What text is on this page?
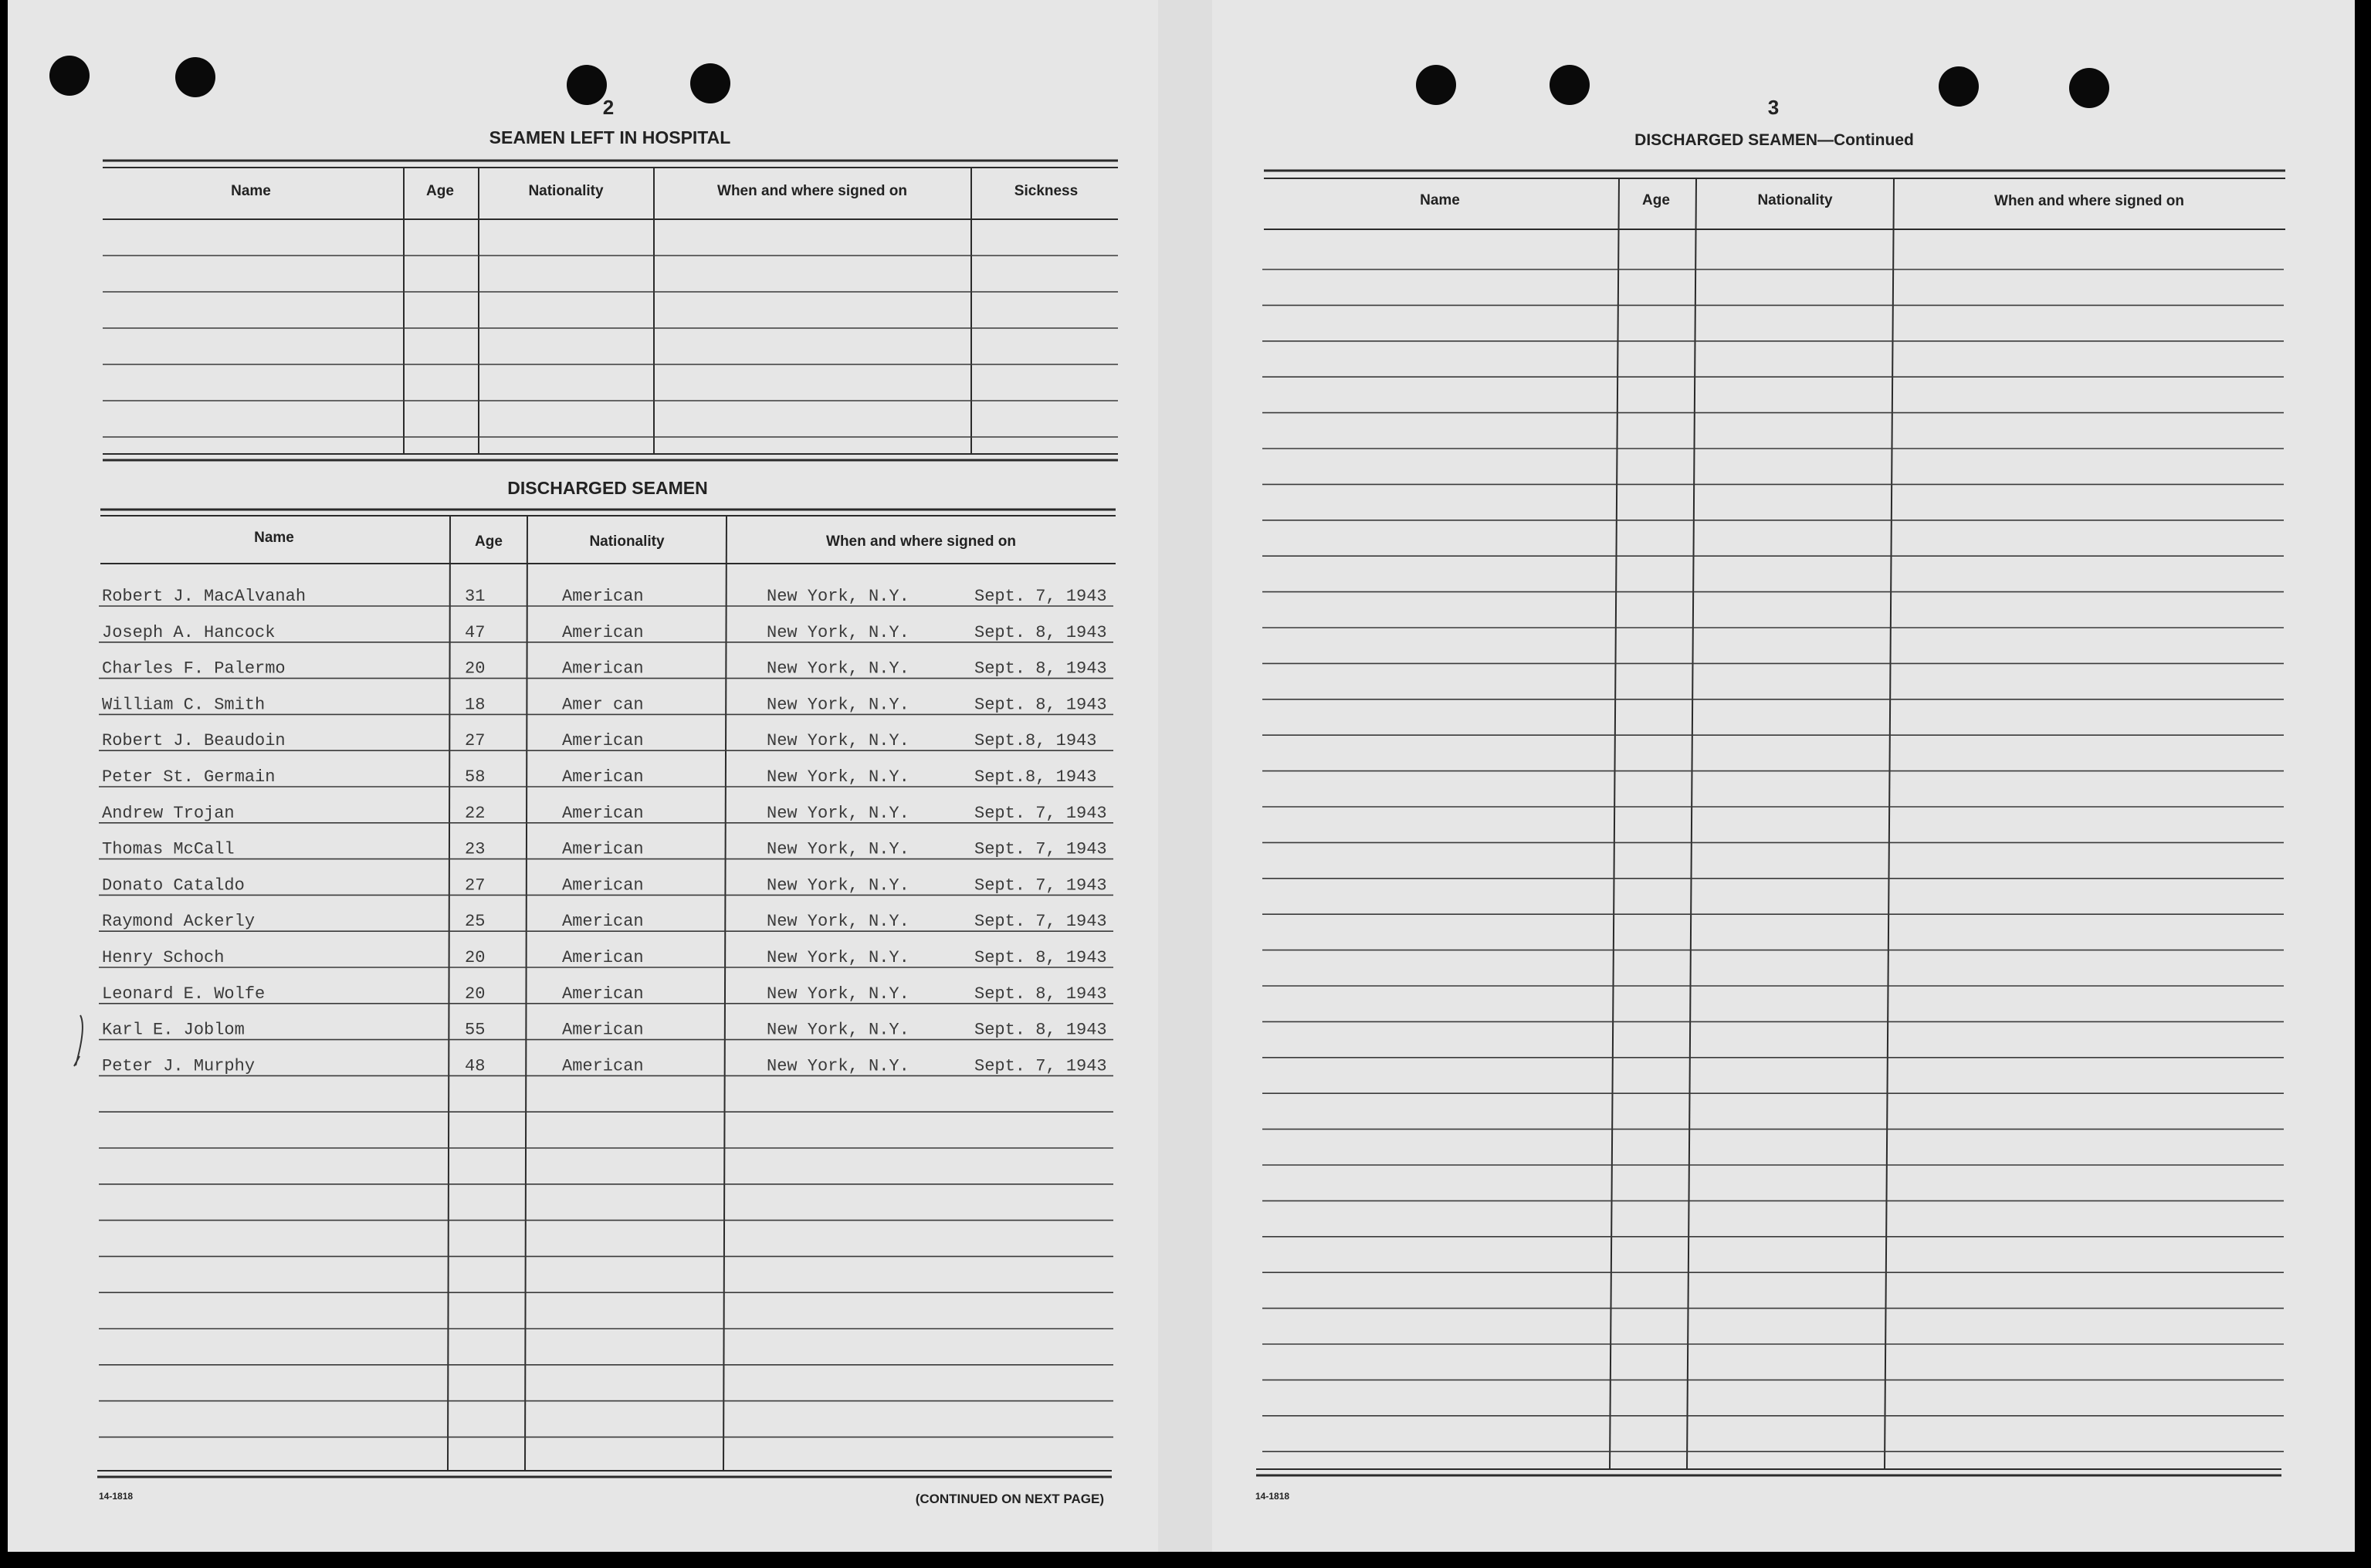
2
SEAMEN LEFT IN HOSPITAL
Name	Age	Nationality	When and where signed on	Sickness
DISCHARGED SEAMEN
Name	Age	Nationality	When and where signed on
Robert J. MacAlvanah	31	American	New York, N.Y.	Sept. 7, 1943
Joseph A. Hancock	47	American	New York, N.Y.	Sept. 8, 1943
Charles F. Palermo	20	American	New York, N.Y.	Sept. 8, 1943
William C. Smith	18	Amer can	New York, N.Y.	Sept. 8, 1943
Robert J. Beaudoin	27	American	New York, N.Y.	Sept.8, 1943
Peter St. Germain	58	American	New York, N.Y.	Sept.8, 1943
Andrew Trojan	22	American	New York, N.Y.	Sept. 7, 1943
Thomas McCall	23	American	New York, N.Y.	Sept. 7, 1943
Donato Cataldo	27	American	New York, N.Y.	Sept. 7, 1943
Raymond Ackerly	25	American	New York, N.Y.	Sept. 7, 1943
Henry Schoch	20	American	New York, N.Y.	Sept. 8, 1943
Leonard E. Wolfe	20	American	New York, N.Y.	Sept. 8, 1943
Karl E. Joblom	55	American	New York, N.Y.	Sept. 8, 1943
Peter J. Murphy	48	American	New York, N.Y.	Sept. 7, 1943
14-1818	(CONTINUED ON NEXT PAGE)
3
DISCHARGED SEAMEN—Continued
Name	Age	Nationality	When and where signed on
14-1818
